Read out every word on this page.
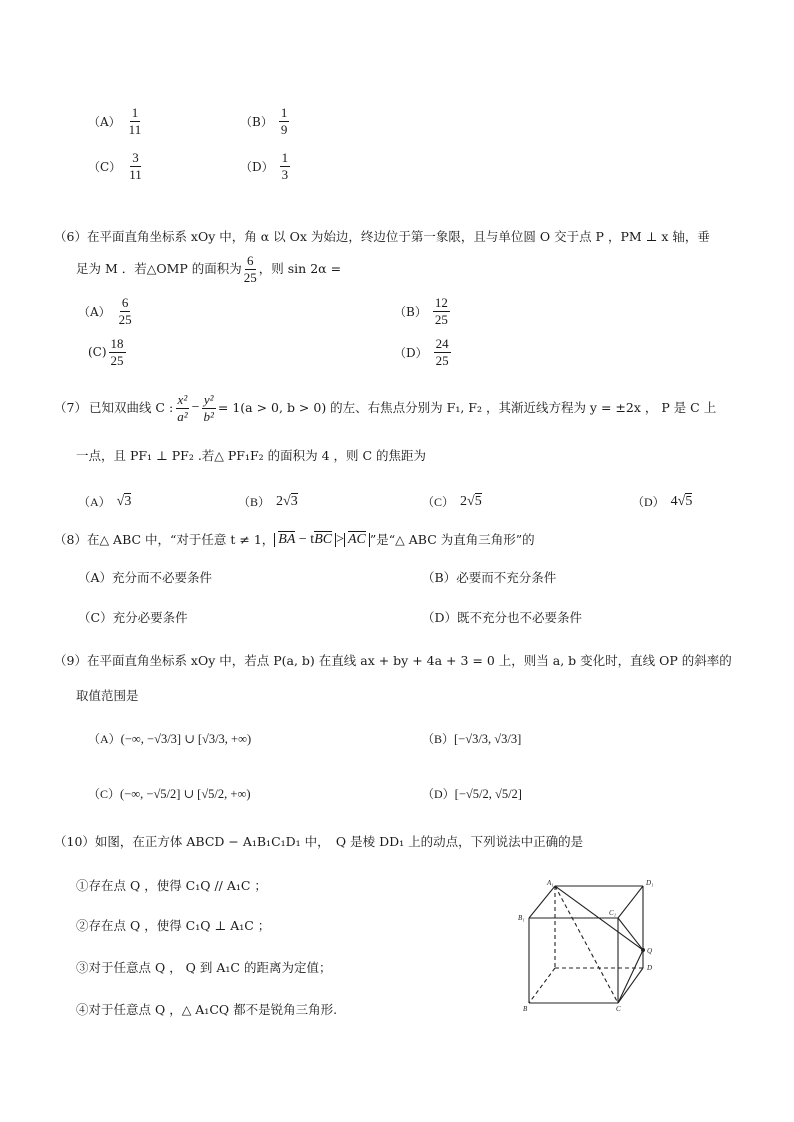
$(A) \frac{1}{11}$	$(B) \frac{1}{9}$
$(C) \frac{3}{11}$	$(D) \frac{1}{3}$
（6）在平面直角坐标系 xOy 中，角 α 以 Ox 为始边，终边位于第一象限，且与单位圆 O 交于点 P ，PM ⊥ x 轴，垂
足为 M ．若△OMP 的面积为 $\frac{6}{25}$ ，则 sin 2α =
$(A) \frac{6}{25}$	$(B) \frac{12}{25}$
$(C) \frac{18}{25}$	$(D) \frac{24}{25}$
（7） 已知双曲线 C : $\frac{\text{x²}}{\text{a²}} - \frac{\text{y²}}{\text{b²}} = 1(a > 0$, b > 0) 的左、右焦点分别为 F₁, F₂ ，其渐近线方程为 y = ±2x ， P 是 C 上
一点，且 PF₁ ⊥ PF₂ .若△ PF₁F₂ 的面积为 4 ，则 C 的焦距为
（A） √3	（B） 2√3	（C） 2√5	（D） 4√5
（8） 在△ ABC 中，“对于任意 t ≠ 1， BA − tBC > AC ”是“△ ABC 为直角三角形”的
（A）充分而不必要条件	（B）必要而不充分条件
（C）充分必要条件	（D）既不充分也不必要条件
（9）在平面直角坐标系 xOy 中，若点 P(a, b) 在直线 ax + by + 4a + 3 = 0 上，则当 a, b 变化时，直线 OP 的斜率的
取值范围是
（A）(−∞, −√3/3] ∪ [√3/3, +∞)	（B）[−√3/3, √3/3]
（C）(−∞, −√5/2] ∪ [√5/2, +∞)	（D）[−√5/2, √5/2]
（10）如图，在正方体 ABCD − A₁B₁C₁D₁ 中，　Q 是棱 DD₁ 上的动点，下列说法中正确的是
①存在点 Q ，使得 C₁Q // A₁C ；
②存在点 Q ，使得 C₁Q ⊥ A₁C ；
③对于任意点 Q ， Q 到 A₁C 的距离为定值；
④对于任意点 Q ，△ A₁CQ 都不是锐角三角形.
A₁	D₁
B₁
C₁
Q
D
B	C
